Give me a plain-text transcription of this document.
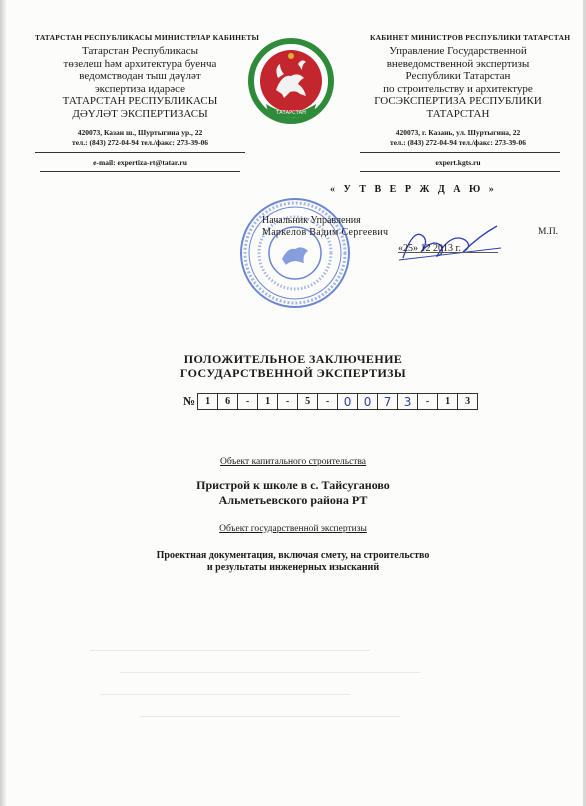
ТАТАРСТАН РЕСПУБЛИКАСЫ МИНИСТРЛАР КАБИНЕТЫ
Татарстан Республикасы
төзелеш һәм архитектура буенча
ведомстводан тыш дәүләт
экспертиза идарәсе
ТАТАРСТАН РЕСПУБЛИКАСЫ
ДӘҮЛӘТ ЭКСПЕРТИЗАСЫ
420073, Казан ш., Шуртыгина ур., 22
тел.: (843) 272-04-94 тел./факс: 273-39-06
e-mail: expertiza-rt@tatar.ru
КАБИНЕТ МИНИСТРОВ РЕСПУБЛИКИ ТАТАРСТАН
Управление Государственной
вневедомственной экспертизы
Республики Татарстан
по строительству и архитектуре
ГОСЭКСПЕРТИЗА РЕСПУБЛИКИ
ТАТАРСТАН
420073, г. Казань, ул. Шуртыгина, 22
тел.: (843) 272-04-94 тел./факс: 273-39-06
expert.kgts.ru
ТАТАРСТАН
« У Т В Е Р Ж Д А Ю »
Начальник Управления
Маркелов Вадим Сергеевич	М.П.
«25» 12 2013 г.
ПОЛОЖИТЕЛЬНОЕ ЗАКЛЮЧЕНИЕ
ГОСУДАРСТВЕННОЙ ЭКСПЕРТИЗЫ
№	1	6	-	1	-	5	-	0	0	7	3	-	1	3
Объект капитального строительства
Пристрой к школе в с. Тайсуганово
Альметьевского района РТ
Объект государственной экспертизы
Проектная документация, включая смету, на строительство
и результаты инженерных изысканий
